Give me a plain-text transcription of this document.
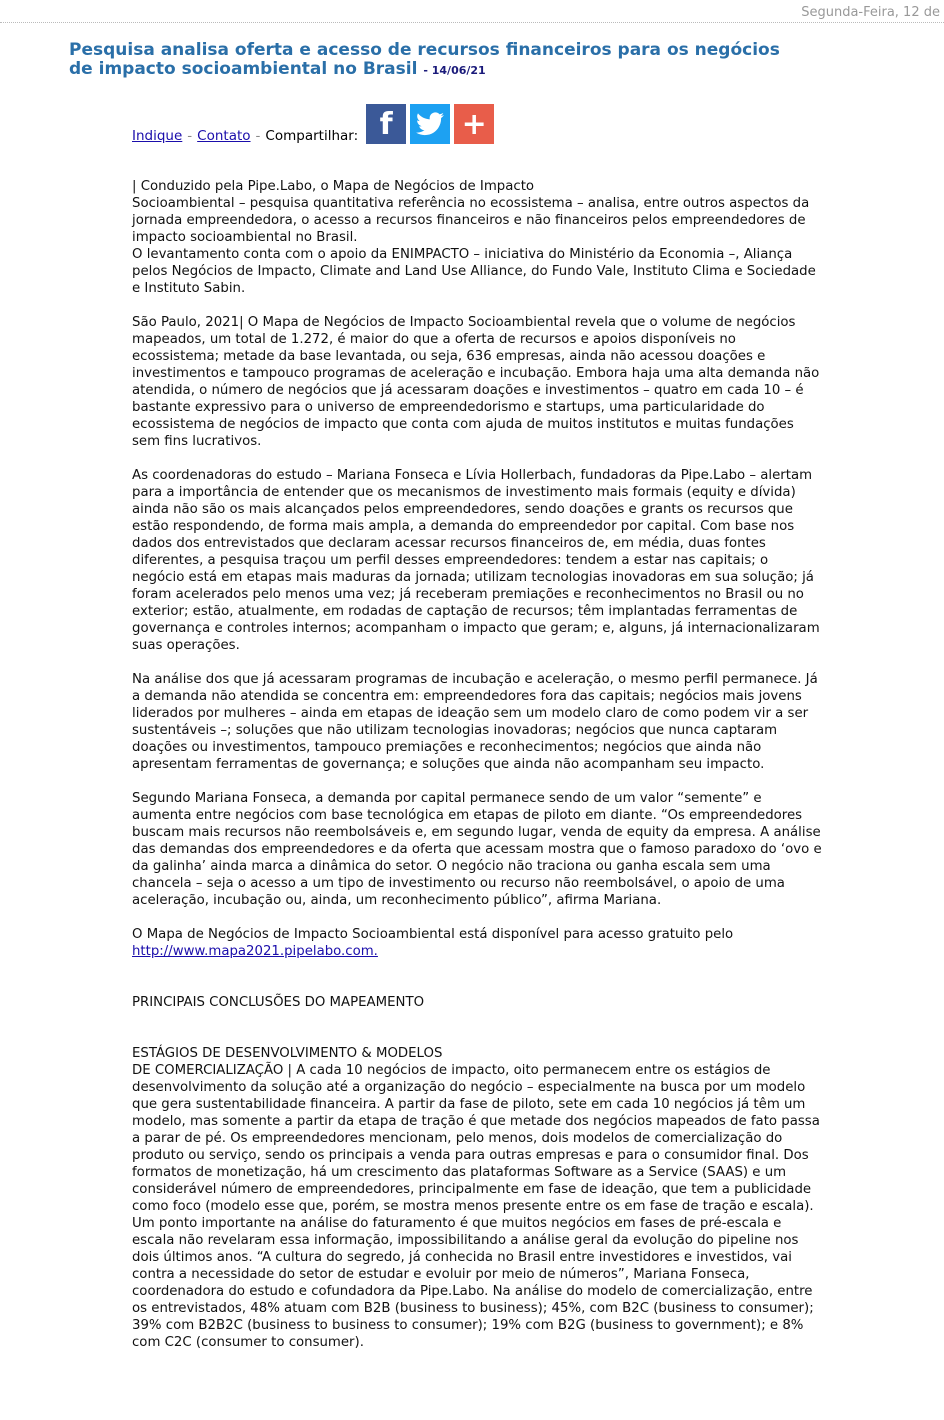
Segunda-Feira, 12 de
Pesquisa analisa oferta e acesso de recursos financeiros para os negócios de impacto socioambiental no Brasil - 14/06/21
Indique - Contato - Compartilhar: f +

| Conduzido pela Pipe.Labo, o Mapa de Negócios de Impacto
Socioambiental – pesquisa quantitativa referência no ecossistema – analisa, entre outros aspectos da jornada empreendedora, o acesso a recursos financeiros e não financeiros pelos empreendedores de impacto socioambiental no Brasil.
O levantamento conta com o apoio da ENIMPACTO – iniciativa do Ministério da Economia –, Aliança pelos Negócios de Impacto, Climate and Land Use Alliance, do Fundo Vale, Instituto Clima e Sociedade e Instituto Sabin.

São Paulo, 2021| O Mapa de Negócios de Impacto Socioambiental revela que o volume de negócios mapeados, um total de 1.272, é maior do que a oferta de recursos e apoios disponíveis no ecossistema; metade da base levantada, ou seja, 636 empresas, ainda não acessou doações e investimentos e tampouco programas de aceleração e incubação. Embora haja uma alta demanda não atendida, o número de negócios que já acessaram doações e investimentos – quatro em cada 10 – é bastante expressivo para o universo de empreendedorismo e startups, uma particularidade do ecossistema de negócios de impacto que conta com ajuda de muitos institutos e muitas fundações sem fins lucrativos.

As coordenadoras do estudo – Mariana Fonseca e Lívia Hollerbach, fundadoras da Pipe.Labo – alertam para a importância de entender que os mecanismos de investimento mais formais (equity e dívida) ainda não são os mais alcançados pelos empreendedores, sendo doações e grants os recursos que estão respondendo, de forma mais ampla, a demanda do empreendedor por capital. Com base nos dados dos entrevistados que declaram acessar recursos financeiros de, em média, duas fontes diferentes, a pesquisa traçou um perfil desses empreendedores: tendem a estar nas capitais; o negócio está em etapas mais maduras da jornada; utilizam tecnologias inovadoras em sua solução; já foram acelerados pelo menos uma vez; já receberam premiações e reconhecimentos no Brasil ou no exterior; estão, atualmente, em rodadas de captação de recursos; têm implantadas ferramentas de governança e controles internos; acompanham o impacto que geram; e, alguns, já internacionalizaram suas operações.

Na análise dos que já acessaram programas de incubação e aceleração, o mesmo perfil permanece. Já a demanda não atendida se concentra em: empreendedores fora das capitais; negócios mais jovens liderados por mulheres – ainda em etapas de ideação sem um modelo claro de como podem vir a ser sustentáveis –; soluções que não utilizam tecnologias inovadoras; negócios que nunca captaram doações ou investimentos, tampouco premiações e reconhecimentos; negócios que ainda não apresentam ferramentas de governança; e soluções que ainda não acompanham seu impacto.

Segundo Mariana Fonseca, a demanda por capital permanece sendo de um valor “semente” e aumenta entre negócios com base tecnológica em etapas de piloto em diante. “Os empreendedores buscam mais recursos não reembolsáveis e, em segundo lugar, venda de equity da empresa. A análise das demandas dos empreendedores e da oferta que acessam mostra que o famoso paradoxo do ‘ovo e da galinha’ ainda marca a dinâmica do setor. O negócio não traciona ou ganha escala sem uma chancela – seja o acesso a um tipo de investimento ou recurso não reembolsável, o apoio de uma aceleração, incubação ou, ainda, um reconhecimento público”, afirma Mariana.

O Mapa de Negócios de Impacto Socioambiental está disponível para acesso gratuito pelo
http://www.mapa2021.pipelabo.com.

PRINCIPAIS CONCLUSÕES DO MAPEAMENTO

ESTÁGIOS DE DESENVOLVIMENTO & MODELOS
DE COMERCIALIZAÇÃO | A cada 10 negócios de impacto, oito permanecem entre os estágios de desenvolvimento da solução até a organização do negócio – especialmente na busca por um modelo que gera sustentabilidade financeira. A partir da fase de piloto, sete em cada 10 negócios já têm um modelo, mas somente a partir da etapa de tração é que metade dos negócios mapeados de fato passa a parar de pé. Os empreendedores mencionam, pelo menos, dois modelos de comercialização do produto ou serviço, sendo os principais a venda para outras empresas e para o consumidor final. Dos formatos de monetização, há um crescimento das plataformas Software as a Service (SAAS) e um considerável número de empreendedores, principalmente em fase de ideação, que tem a publicidade como foco (modelo esse que, porém, se mostra menos presente entre os em fase de tração e escala). Um ponto importante na análise do faturamento é que muitos negócios em fases de pré-escala e escala não revelaram essa informação, impossibilitando a análise geral da evolução do pipeline nos dois últimos anos. “A cultura do segredo, já conhecida no Brasil entre investidores e investidos, vai contra a necessidade do setor de estudar e evoluir por meio de números”, Mariana Fonseca, coordenadora do estudo e cofundadora da Pipe.Labo. Na análise do modelo de comercialização, entre os entrevistados, 48% atuam com B2B (business to business); 45%, com B2C (business to consumer); 39% com B2B2C (business to business to consumer); 19% com B2G (business to government); e 8% com C2C (consumer to consumer).
